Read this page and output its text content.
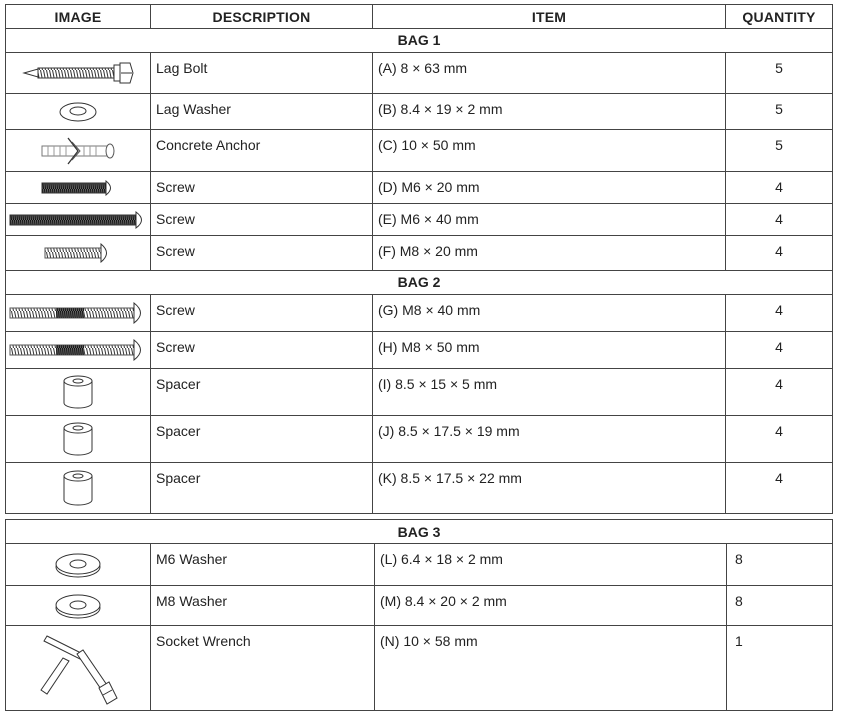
IMAGE	DESCRIPTION	ITEM	QUANTITY
BAG 1
Lag Bolt	(A) 8 × 63 mm	5
Lag Washer	(B) 8.4 × 19 × 2 mm	5
Concrete Anchor	(C) 10 × 50 mm	5
Screw	(D) M6 × 20 mm	4
Screw	(E) M6 × 40 mm	4
Screw	(F) M8 × 20 mm	4
BAG 2
Screw	(G) M8 × 40 mm	4
Screw	(H) M8 × 50 mm	4
Spacer	(I) 8.5 × 15 × 5 mm	4
Spacer	(J) 8.5 × 17.5 × 19 mm	4
Spacer	(K) 8.5 × 17.5 × 22 mm	4
BAG 3
M6 Washer	(L) 6.4 × 18 × 2 mm	8
M8 Washer	(M) 8.4 × 20 × 2 mm	8
Socket Wrench	(N) 10 × 58 mm	1
